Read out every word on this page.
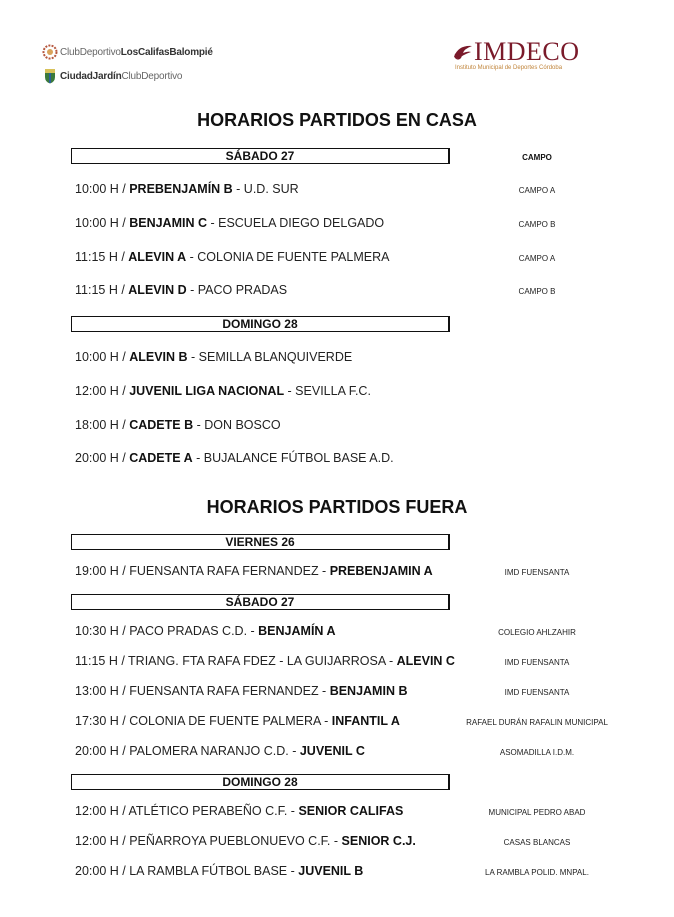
ClubDeportivo LosCalifasBalompié
CiudadJardín ClubDeportivo
IMDECO
Instituto Municipal de Deportes Córdoba
HORARIOS PARTIDOS EN CASA
SÁBADO 27	CAMPO
10:00 H / PREBENJAMÍN B - U.D. SUR	CAMPO A
10:00 H / BENJAMIN C - ESCUELA DIEGO DELGADO	CAMPO B
11:15 H / ALEVIN A - COLONIA DE FUENTE PALMERA	CAMPO A
11:15 H / ALEVIN D - PACO PRADAS	CAMPO B
DOMINGO 28
10:00 H / ALEVIN B - SEMILLA BLANQUIVERDE
12:00 H / JUVENIL LIGA NACIONAL - SEVILLA F.C.
18:00 H / CADETE B - DON BOSCO
20:00 H / CADETE A - BUJALANCE FÚTBOL BASE A.D.
HORARIOS PARTIDOS FUERA
VIERNES 26
19:00 H / FUENSANTA RAFA FERNANDEZ - PREBENJAMIN A	IMD FUENSANTA
SÁBADO 27
10:30 H / PACO PRADAS C.D. - BENJAMÍN A	COLEGIO AHLZAHIR
11:15 H / TRIANG. FTA RAFA FDEZ - LA GUIJARROSA - ALEVIN C	IMD FUENSANTA
13:00 H / FUENSANTA RAFA FERNANDEZ - BENJAMIN B	IMD FUENSANTA
17:30 H / COLONIA DE FUENTE PALMERA - INFANTIL A	RAFAEL DURÁN RAFALIN MUNICIPAL
20:00 H / PALOMERA NARANJO C.D. - JUVENIL C	ASOMADILLA I.D.M.
DOMINGO 28
12:00 H / ATLÉTICO PERABEÑO C.F. - SENIOR CALIFAS	MUNICIPAL PEDRO ABAD
12:00 H / PEÑARROYA PUEBLONUEVO C.F. - SENIOR C.J.	CASAS BLANCAS
20:00 H / LA RAMBLA FÚTBOL BASE - JUVENIL B	LA RAMBLA POLID. MNPAL.
